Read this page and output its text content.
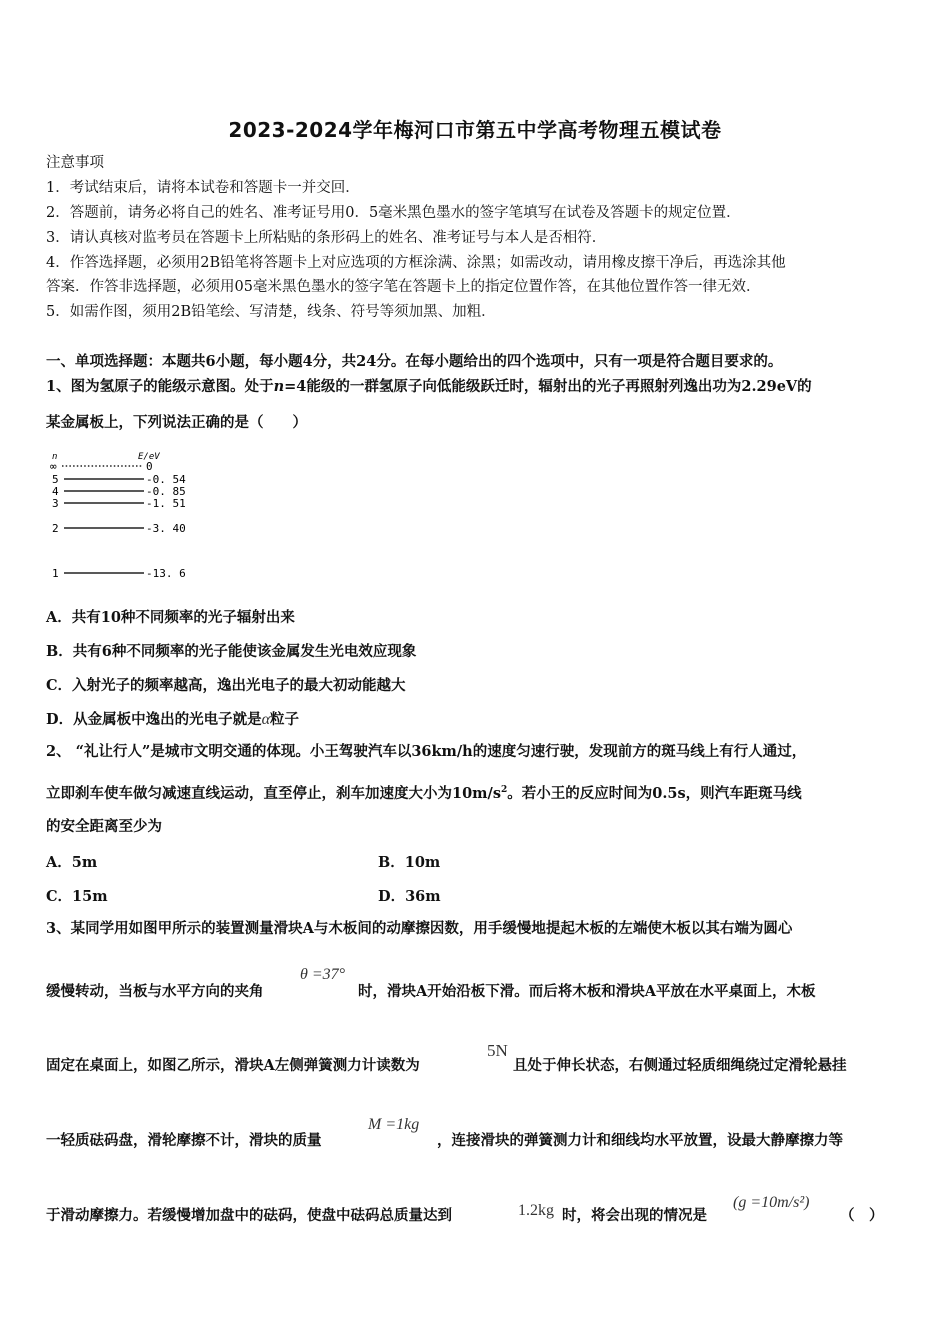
2023-2024学年梅河口市第五中学高考物理五模试卷
注意事项
1．考试结束后，请将本试卷和答题卡一并交回．
2．答题前，请务必将自己的姓名、准考证号用0．5毫米黑色墨水的签字笔填写在试卷及答题卡的规定位置．
3．请认真核对监考员在答题卡上所粘贴的条形码上的姓名、准考证号与本人是否相符．
4．作答选择题，必须用2B铅笔将答题卡上对应选项的方框涂满、涂黑；如需改动，请用橡皮擦干净后，再选涂其他
答案．作答非选择题，必须用05毫米黑色墨水的签字笔在答题卡上的指定位置作答，在其他位置作答一律无效．
5．如需作图，须用2B铅笔绘、写清楚，线条、符号等须加黑、加粗．
一、单项选择题：本题共6小题，每小题4分，共24分。在每小题给出的四个选项中，只有一项是符合题目要求的。
1、图为氢原子的能级示意图。处于n=4能级的一群氢原子向低能级跃迁时，辐射出的光子再照射列逸出功为2.29eV的
某金属板上，下列说法正确的是（　　）
n	E/eV
∞	0
5	-0. 54
4	-0. 85
3	-1. 51
2	-3. 40
1	-13. 6
A．共有10种不同频率的光子辐射出来
B．共有6种不同频率的光子能使该金属发生光电效应现象
C．入射光子的频率越高，逸出光电子的最大初动能越大
D．从金属板中逸出的光电子就是α粒子
2、 “礼让行人”是城市文明交通的体现。小王驾驶汽车以36km/h的速度匀速行驶，发现前方的斑马线上有行人通过，
立即刹车使车做匀减速直线运动，直至停止，刹车加速度大小为$10m/s^2$。若小王的反应时间为0.5s，则汽车距斑马线
的安全距离至少为
A．5m	B．10m
C．15m	D．36m
3、某同学用如图甲所示的装置测量滑块A与木板间的动摩擦因数，用手缓慢地提起木板的左端使木板以其右端为圆心
缓慢转动，当板与水平方向的夹角
θ =37°
时，滑块A开始沿板下滑。而后将木板和滑块A平放在水平桌面上，木板
固定在桌面上，如图乙所示，滑块A左侧弹簧测力计读数为
5N
且处于伸长状态，右侧通过轻质细绳绕过定滑轮悬挂
一轻质砝码盘，滑轮摩擦不计，滑块的质量
M =1kg
，连接滑块的弹簧测力计和细线均水平放置，设最大静摩擦力等
于滑动摩擦力。若缓慢增加盘中的砝码，使盘中砝码总质量达到	1.2kg 时，将会出现的情况是
(g =10m/s²)
（　）
